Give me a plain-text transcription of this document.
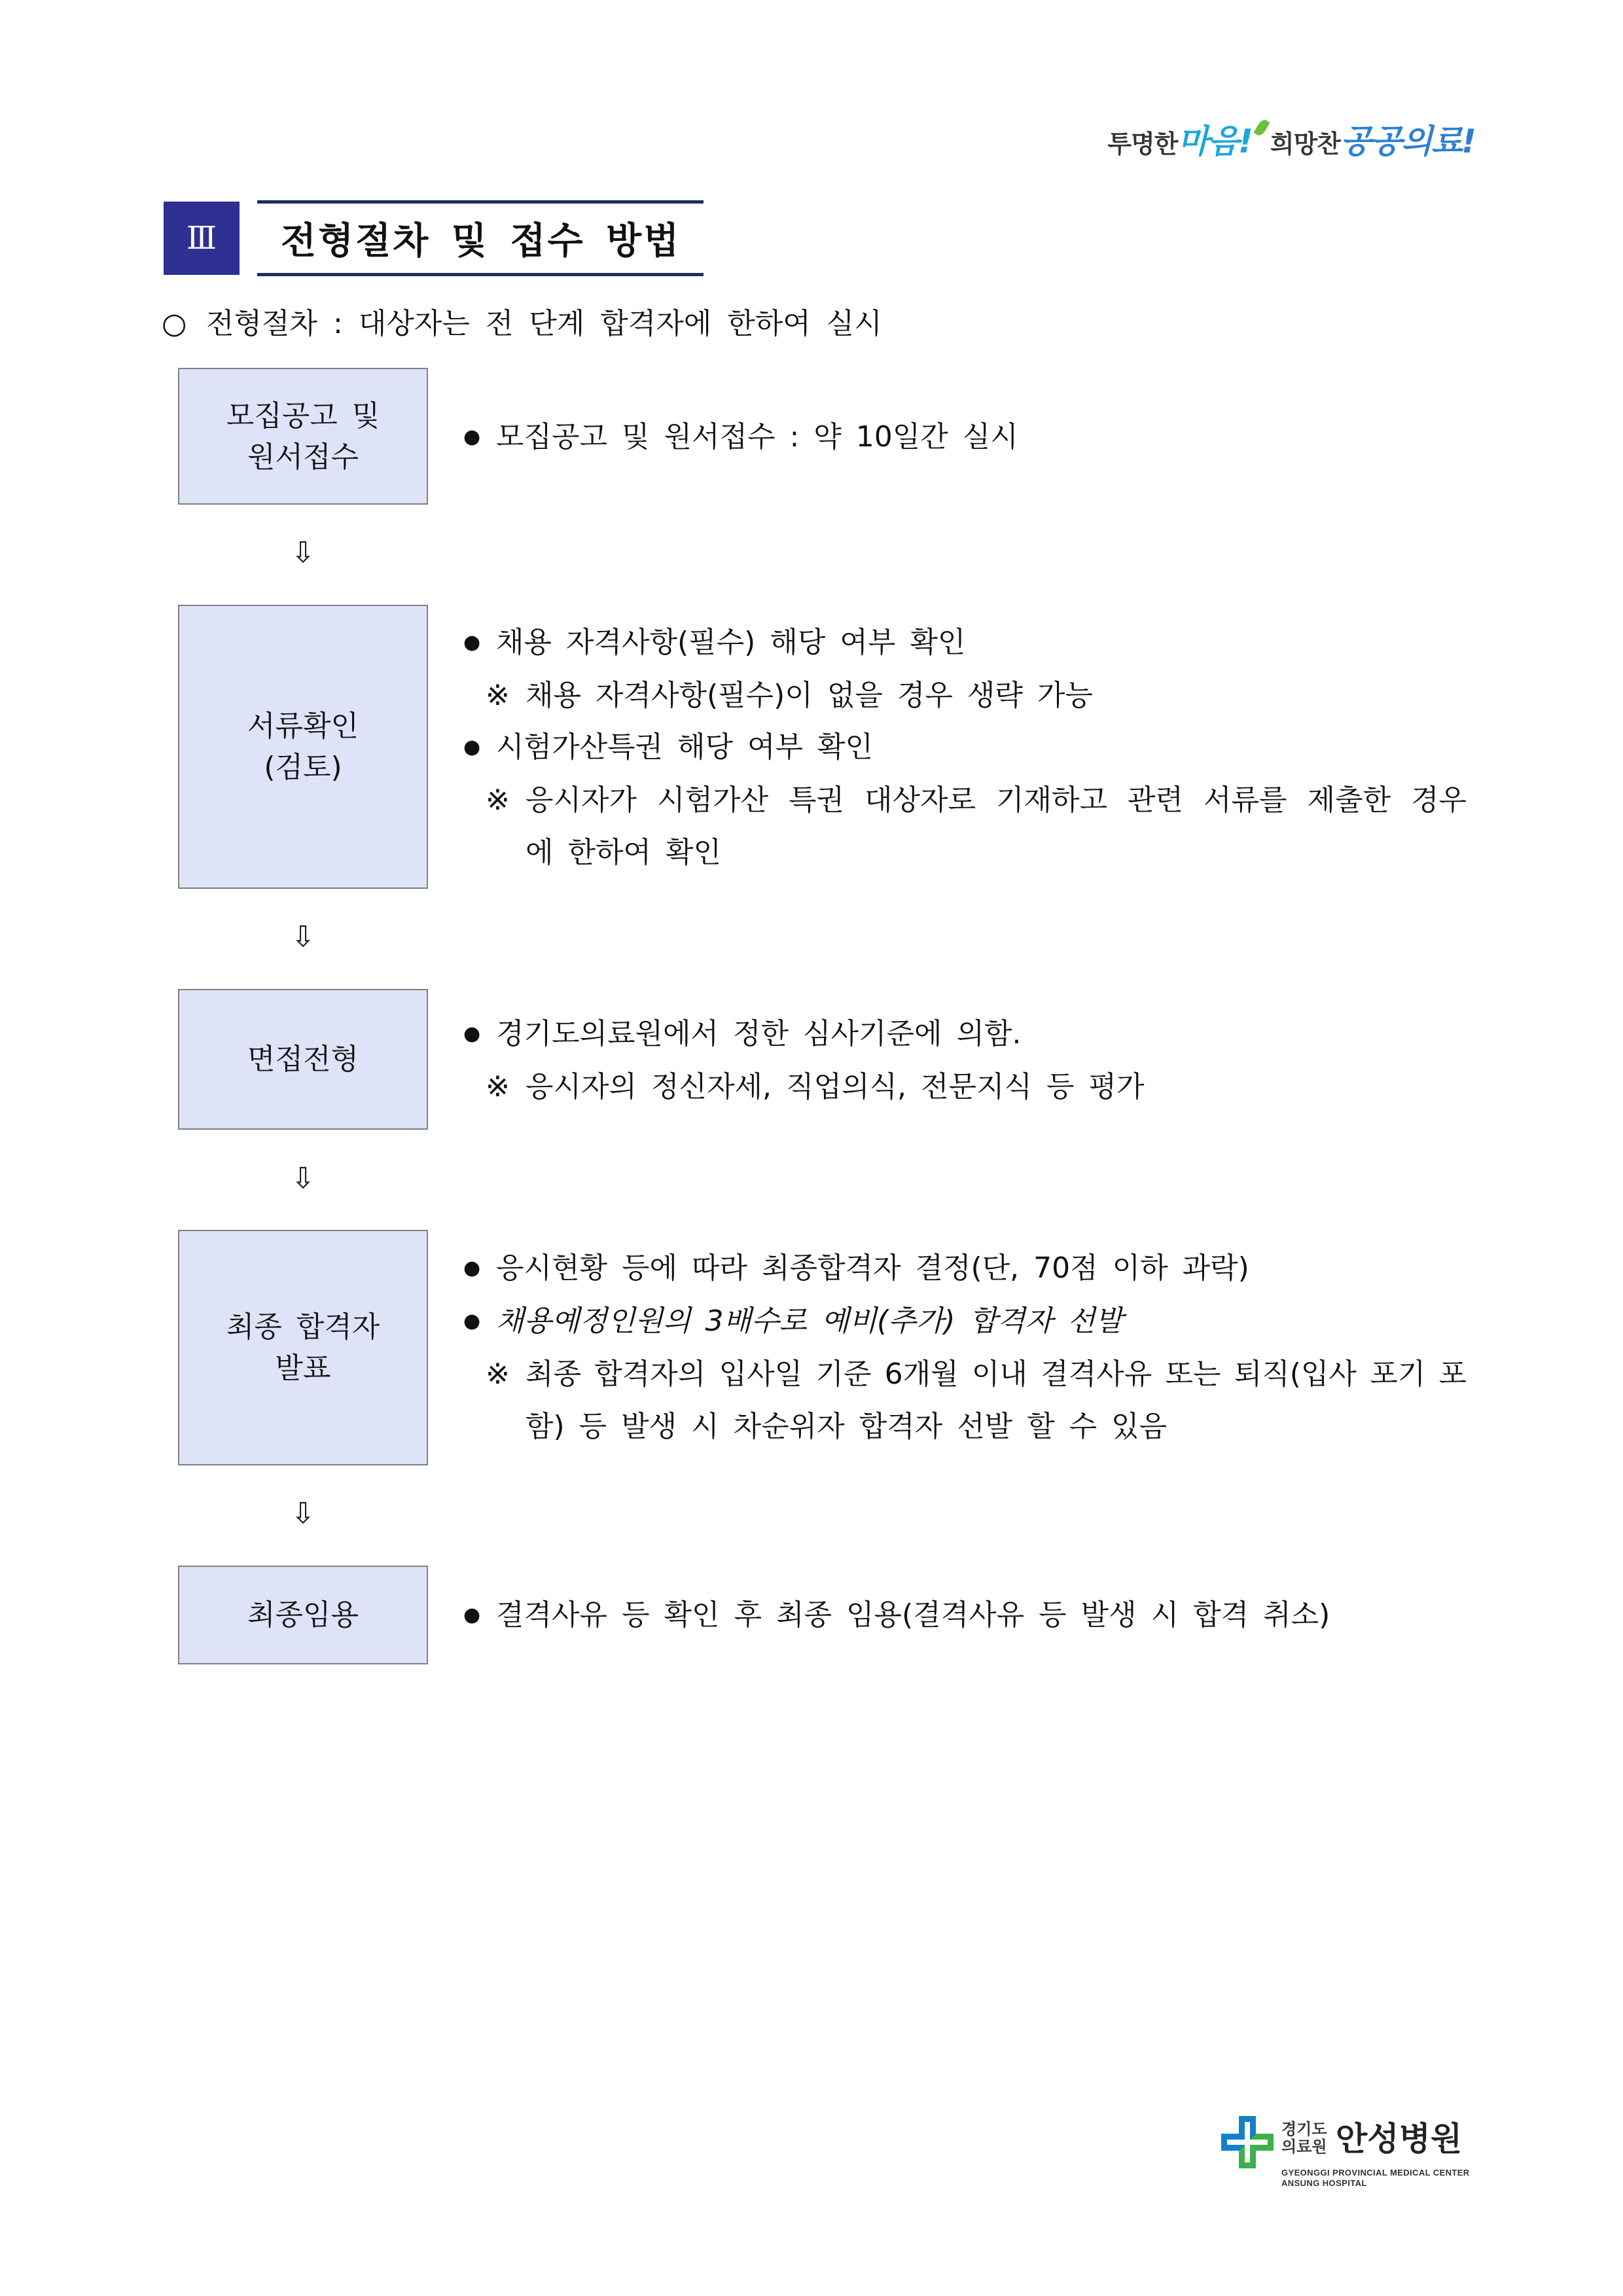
투명한 마음! 희망찬 공공의료!
Ⅲ	전형절차 및 접수 방법
○ 전형절차 : 대상자는 전 단계 합격자에 한하여 실시
모집공고 및
원서접수
● 모집공고 및 원서접수 : 약 10일간 실시
⇩
서류확인
(검토)
● 채용 자격사항(필수) 해당 여부 확인
※ 채용 자격사항(필수)이 없을 경우 생략 가능
● 시험가산특권 해당 여부 확인
※ 응시자가 시험가산 특권 대상자로 기재하고 관련 서류를 제출한 경우
에 한하여 확인
⇩
면접전형
● 경기도의료원에서 정한 심사기준에 의함.
※ 응시자의 정신자세, 직업의식, 전문지식 등 평가
⇩
최종 합격자
발표
● 응시현황 등에 따라 최종합격자 결정(단, 70점 이하 과락)
● 채용예정인원의 3배수로 예비(추가) 합격자 선발
※ 최종 합격자의 입사일 기준 6개월 이내 결격사유 또는 퇴직(입사 포기 포
함) 등 발생 시 차순위자 합격자 선발 할 수 있음
⇩
최종임용	● 결격사유 등 확인 후 최종 임용(결격사유 등 발생 시 합격 취소)
경기도
의료원 안성병원
GYEONGGI PROVINCIAL MEDICAL CENTER
ANSUNG HOSPITAL
